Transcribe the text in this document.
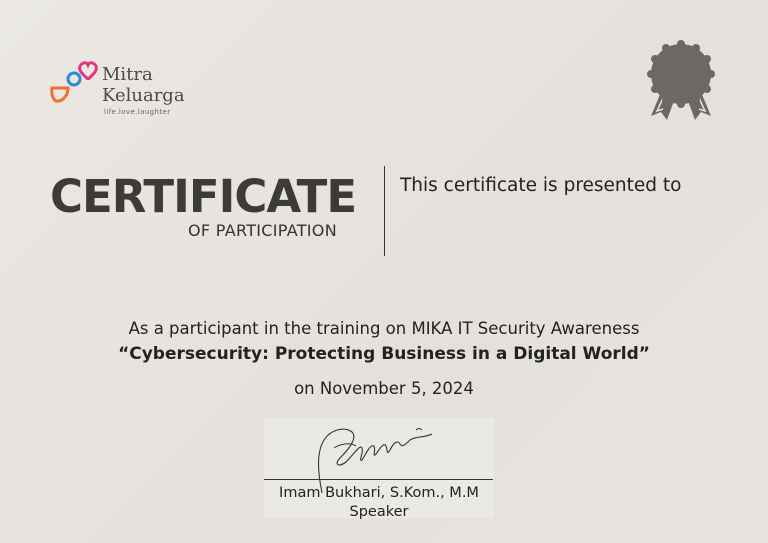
Mitra
Keluarga
life.love.laughter
CERTIFICATE
OF PARTICIPATION
This certificate is presented to
As a participant in the training on MIKA IT Security Awareness
“Cybersecurity: Protecting Business in a Digital World”
on November 5, 2024
Imam Bukhari, S.Kom., M.M
Speaker
